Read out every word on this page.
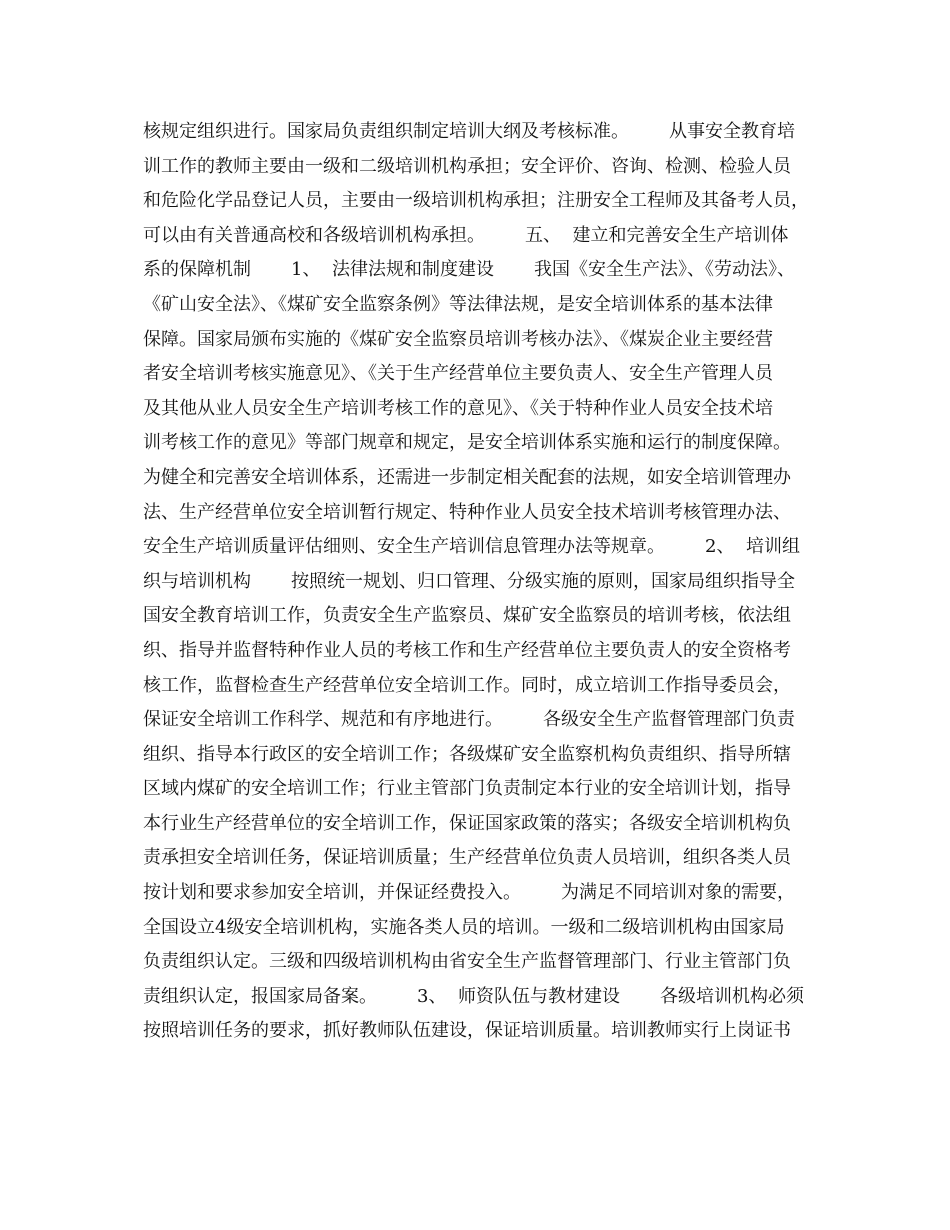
核规定组织进行。国家局负责组织制定培训大纲及考核标准。       从事安全教育培
训工作的教师主要由一级和二级培训机构承担；安全评价、咨询、检测、检验人员
和危险化学品登记人员，主要由一级培训机构承担；注册安全工程师及其备考人员，
可以由有关普通高校和各级培训机构承担。       五、  建立和完善安全生产培训体
系的保障机制       1、  法律法规和制度建设       我国《安全生产法》、《劳动法》、
《矿山安全法》、《煤矿安全监察条例》等法律法规，是安全培训体系的基本法律
保障。国家局颁布实施的《煤矿安全监察员培训考核办法》、《煤炭企业主要经营
者安全培训考核实施意见》、《关于生产经营单位主要负责人、安全生产管理人员
及其他从业人员安全生产培训考核工作的意见》、《关于特种作业人员安全技术培
训考核工作的意见》等部门规章和规定，是安全培训体系实施和运行的制度保障。
为健全和完善安全培训体系，还需进一步制定相关配套的法规，如安全培训管理办
法、生产经营单位安全培训暂行规定、特种作业人员安全技术培训考核管理办法、
安全生产培训质量评估细则、安全生产培训信息管理办法等规章。       2、  培训组
织与培训机构       按照统一规划、归口管理、分级实施的原则，国家局组织指导全
国安全教育培训工作，负责安全生产监察员、煤矿安全监察员的培训考核，依法组
织、指导并监督特种作业人员的考核工作和生产经营单位主要负责人的安全资格考
核工作，监督检查生产经营单位安全培训工作。同时，成立培训工作指导委员会，
保证安全培训工作科学、规范和有序地进行。       各级安全生产监督管理部门负责
组织、指导本行政区的安全培训工作；各级煤矿安全监察机构负责组织、指导所辖
区域内煤矿的安全培训工作；行业主管部门负责制定本行业的安全培训计划，指导
本行业生产经营单位的安全培训工作，保证国家政策的落实；各级安全培训机构负
责承担安全培训任务，保证培训质量；生产经营单位负责人员培训，组织各类人员
按计划和要求参加安全培训，并保证经费投入。       为满足不同培训对象的需要，
全国设立4级安全培训机构，实施各类人员的培训。一级和二级培训机构由国家局
负责组织认定。三级和四级培训机构由省安全生产监督管理部门、行业主管部门负
责组织认定，报国家局备案。       3、  师资队伍与教材建设       各级培训机构必须
按照培训任务的要求，抓好教师队伍建设，保证培训质量。培训教师实行上岗证书
